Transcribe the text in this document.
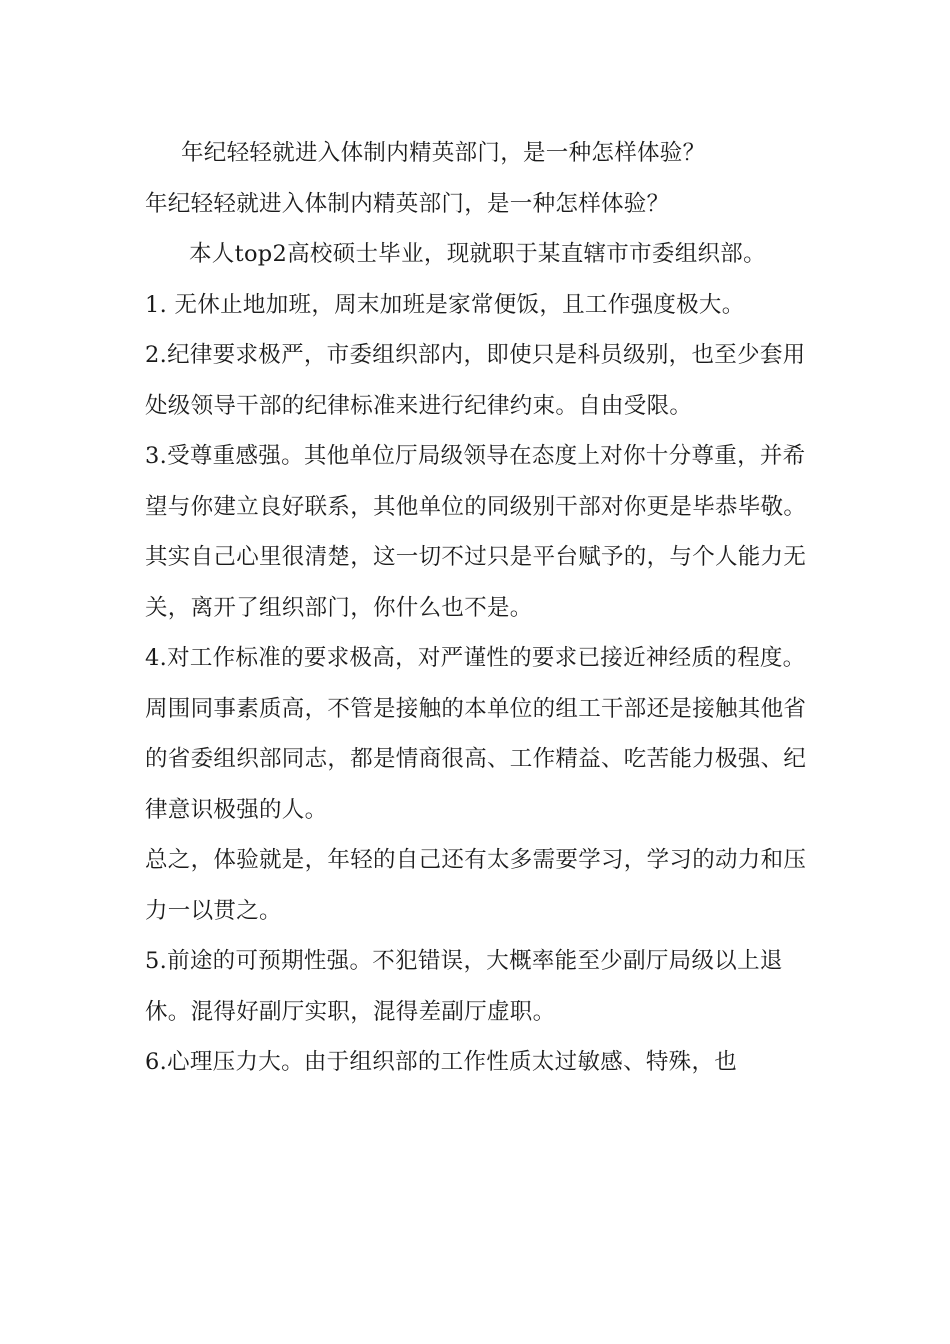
年纪轻轻就进入体制内精英部门，是一种怎样体验？

年纪轻轻就进入体制内精英部门，是一种怎样体验？

本人top2高校硕士毕业，现就职于某直辖市市委组织部。

1. 无休止地加班，周末加班是家常便饭，且工作强度极大。

2.纪律要求极严，市委组织部内，即使只是科员级别，也至少套用处级领导干部的纪律标准来进行纪律约束。自由受限。

3.受尊重感强。其他单位厅局级领导在态度上对你十分尊重，并希望与你建立良好联系，其他单位的同级别干部对你更是毕恭毕敬。

其实自己心里很清楚，这一切不过只是平台赋予的，与个人能力无关，离开了组织部门，你什么也不是。

4.对工作标准的要求极高，对严谨性的要求已接近神经质的程度。周围同事素质高，不管是接触的本单位的组工干部还是接触其他省的省委组织部同志，都是情商很高、工作精益、吃苦能力极强、纪律意识极强的人。

总之，体验就是，年轻的自己还有太多需要学习，学习的动力和压力一以贯之。

5.前途的可预期性强。不犯错误，大概率能至少副厅局级以上退休。混得好副厅实职，混得差副厅虚职。

6.心理压力大。由于组织部的工作性质太过敏感、特殊，也
